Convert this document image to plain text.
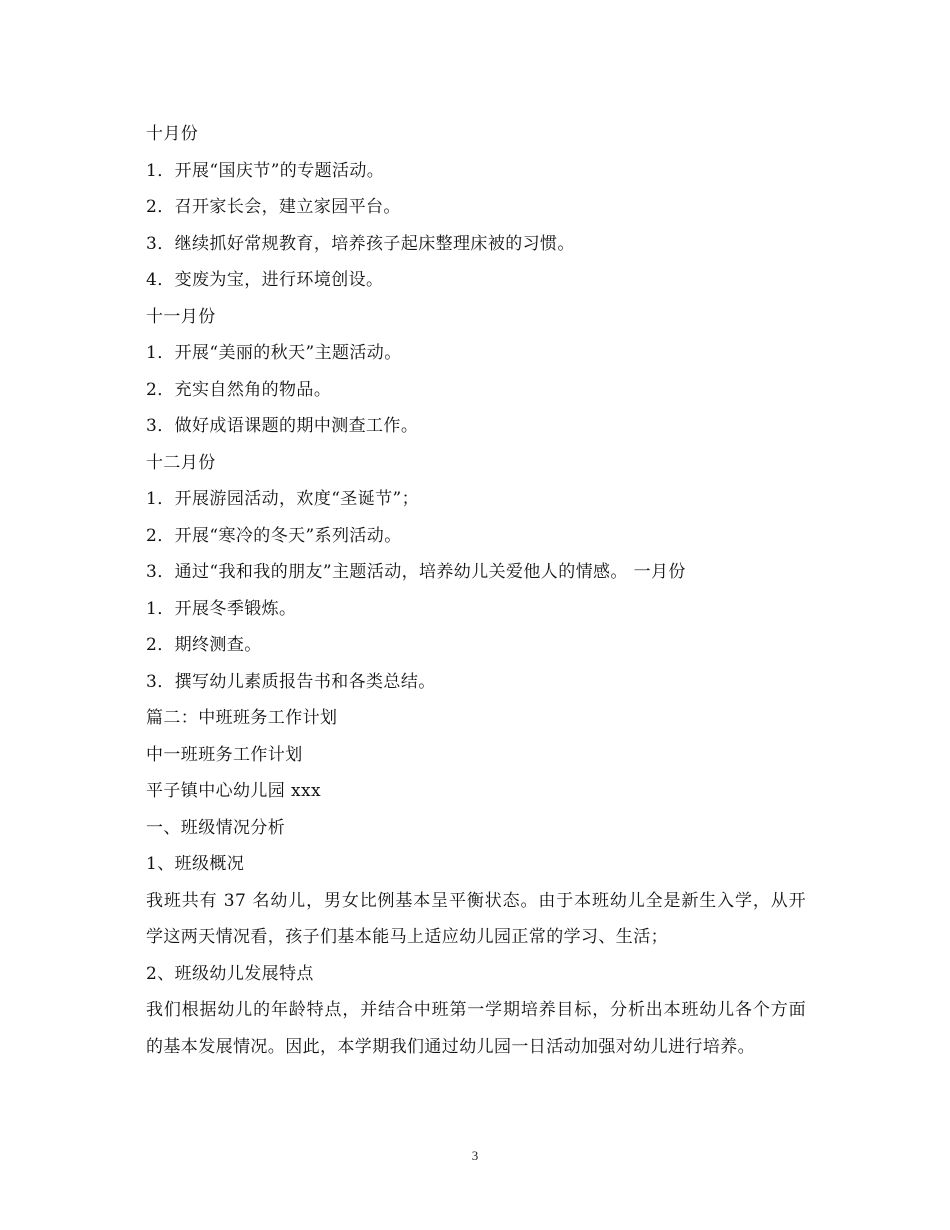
十月份
1．开展“国庆节”的专题活动。
2．召开家长会，建立家园平台。
3．继续抓好常规教育，培养孩子起床整理床被的习惯。
4．变废为宝，进行环境创设。
十一月份
1．开展“美丽的秋天”主题活动。
2．充实自然角的物品。
3．做好成语课题的期中测查工作。
十二月份
1．开展游园活动，欢度“圣诞节”；
2．开展“寒冷的冬天”系列活动。
3．通过“我和我的朋友”主题活动，培养幼儿关爱他人的情感。 一月份
1．开展冬季锻炼。
2．期终测查。
3．撰写幼儿素质报告书和各类总结。
篇二：中班班务工作计划
中一班班务工作计划
平子镇中心幼儿园 xxx
一、班级情况分析
1、班级概况
我班共有 37 名幼儿，男女比例基本呈平衡状态。由于本班幼儿全是新生入学，从开学这两天情况看，孩子们基本能马上适应幼儿园正常的学习、生活；
2、班级幼儿发展特点
我们根据幼儿的年龄特点，并结合中班第一学期培养目标，分析出本班幼儿各个方面的基本发展情况。因此，本学期我们通过幼儿园一日活动加强对幼儿进行培养。
3
